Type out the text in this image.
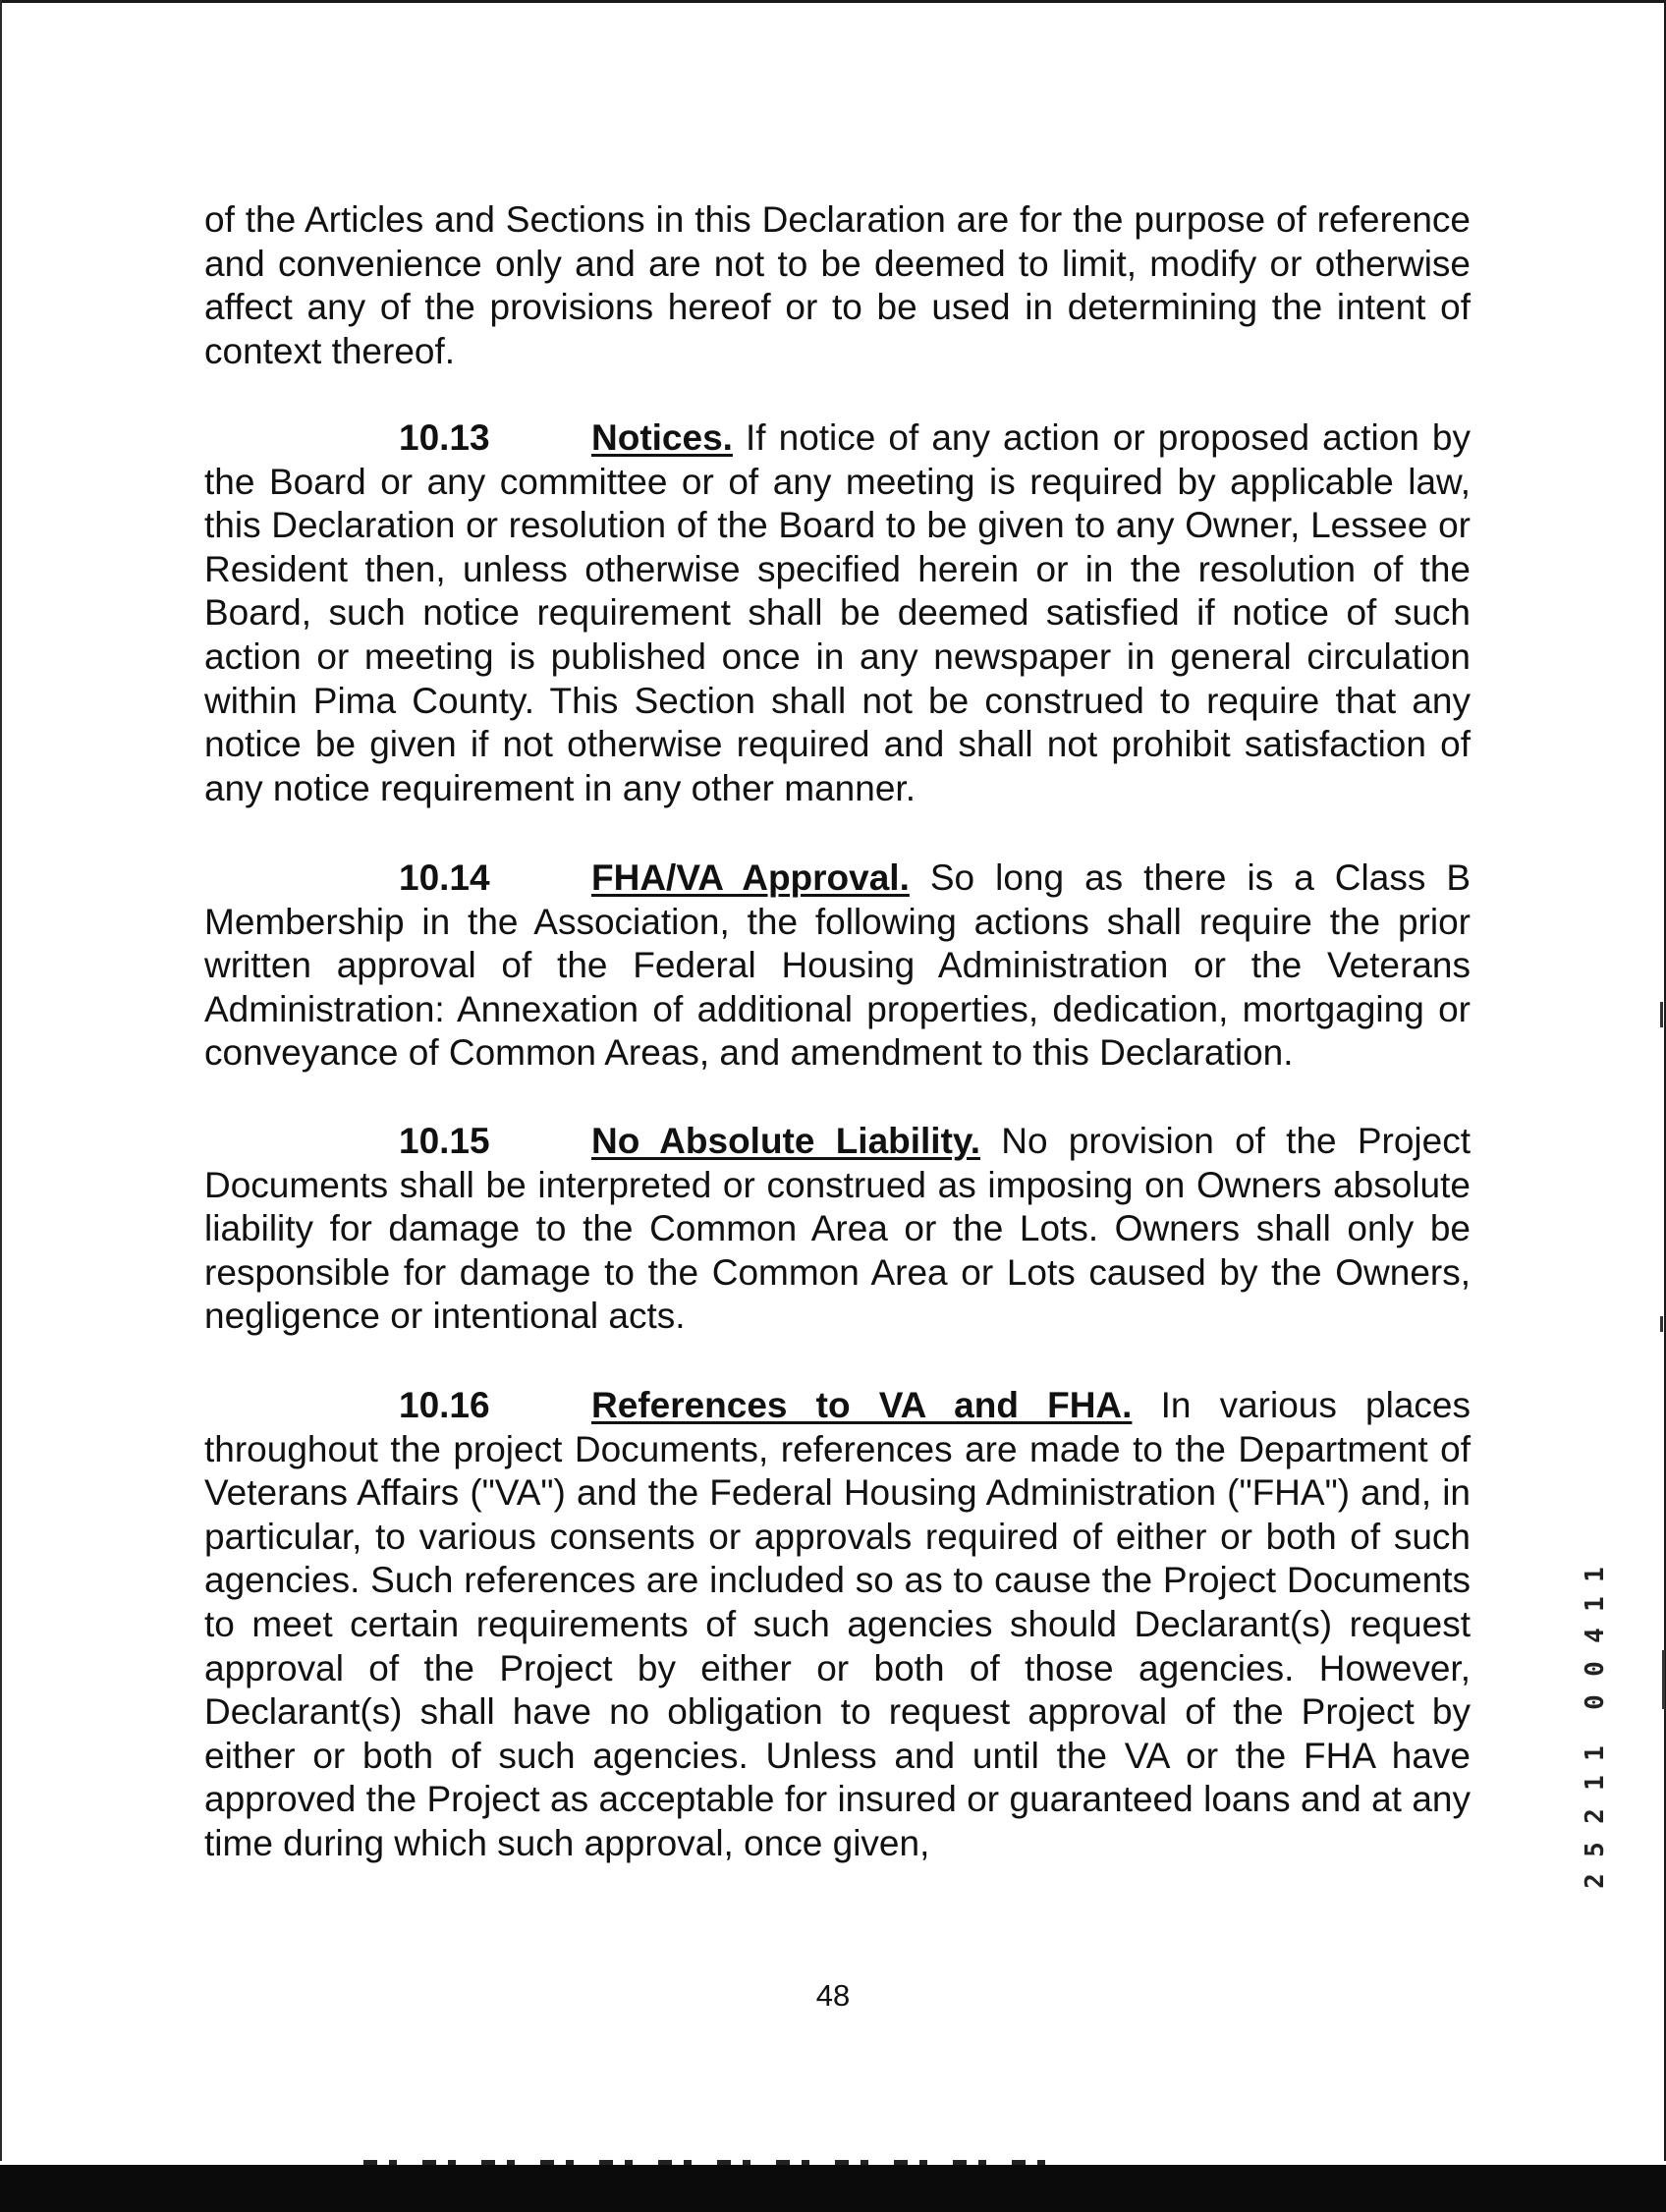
of the Articles and Sections in this Declaration are for the purpose of reference and convenience only and are not to be deemed to limit, modify or otherwise affect any of the provisions hereof or to be used in determining the intent of context thereof.

10.13	Notices. If notice of any action or proposed action by the Board or any committee or of any meeting is required by applicable law, this Declaration or resolution of the Board to be given to any Owner, Lessee or Resident then, unless otherwise specified herein or in the resolution of the Board, such notice requirement shall be deemed satisfied if notice of such action or meeting is published once in any newspaper in general circulation within Pima County. This Section shall not be construed to require that any notice be given if not otherwise required and shall not prohibit satisfaction of any notice requirement in any other manner.

10.14	FHA/VA Approval. So long as there is a Class B Membership in the Association, the following actions shall require the prior written approval of the Federal Housing Administration or the Veterans Administration: Annexation of additional properties, dedication, mortgaging or conveyance of Common Areas, and amendment to this Declaration.

10.15	No Absolute Liability. No provision of the Project Documents shall be interpreted or construed as imposing on Owners absolute liability for damage to the Common Area or the Lots. Owners shall only be responsible for damage to the Common Area or Lots caused by the Owners, negligence or intentional acts.

10.16	References to VA and FHA. In various places throughout the project Documents, references are made to the Department of Veterans Affairs ("VA") and the Federal Housing Administration ("FHA") and, in particular, to various consents or approvals required of either or both of such agencies. Such references are included so as to cause the Project Documents to meet certain requirements of such agencies should Declarant(s) request approval of the Project by either or both of those agencies. However, Declarant(s) shall have no obligation to request approval of the Project by either or both of such agencies. Unless and until the VA or the FHA have approved the Project as acceptable for insured or guaranteed loans and at any time during which such approval, once given,

1
1
4
0
0
1
1
2
5
2

48
